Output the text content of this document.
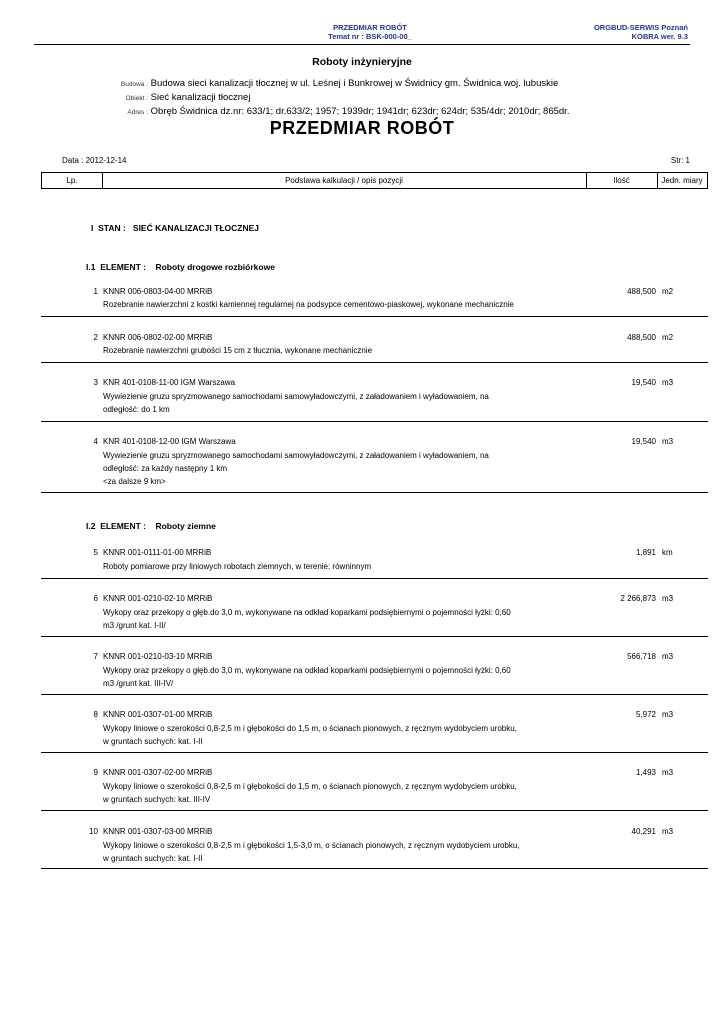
PRZEDMIAR ROBÓT
Temat nr : BSK-000-00_
ORGBUD-SERWIS Poznań
KOBRA wer. 9.3
Roboty inżynieryjne
Budowa : Budowa sieci kanalizacji tłocznej w ul. Leśnej i Bunkrowej w Świdnicy gm. Świdnica woj. lubuskie
Obiekt : Sieć kanalizacji tłocznej
Adres : Obręb Świdnica dz.nr: 633/1; dr.633/2; 1957; 1939dr; 1941dr; 623dr; 624dr; 535/4dr; 2010dr; 865dr.
PRZEDMIAR ROBÓT
Data : 2012-12-14	Str: 1
Lp.	Podstawa kalkulacji / opis pozycji	Ilość	Jedn. miary
I STAN : SIEĆ KANALIZACJI TŁOCZNEJ
I.1 ELEMENT : Roboty drogowe rozbiórkowe
1 KNNR 006-0803-04-00 MRRiB
Rozebranie nawierzchni z kostki kamiennej regularnej na podsypce cementowo-piaskowej, wykonane mechanicznie
488,500 m2
2 KNNR 006-0802-02-00 MRRiB
Rozebranie nawierzchni grubości 15 cm z tłucznia, wykonane mechanicznie
488,500 m2
3 KNR 401-0108-11-00 IGM Warszawa
Wywiezienie gruzu spryzmowanego samochodami samowyładowczymi, z załadowaniem i wyładowaniem, na
odległość: do 1 km
19,540 m3
4 KNR 401-0108-12-00 IGM Warszawa
Wywiezienie gruzu spryzmowanego samochodami samowyładowczymi, z załadowaniem i wyładowaniem, na
odległość: za każdy następny 1 km
<za dalsze 9 km>
19,540 m3
I.2 ELEMENT : Roboty ziemne
5 KNNR 001-0111-01-00 MRRiB
Roboty pomiarowe przy liniowych robotach ziemnych, w terenie: równinnym
1,891 km
6 KNNR 001-0210-02-10 MRRiB
Wykopy oraz przekopy o głęb.do 3,0 m, wykonywane na odkład koparkami podsiębiernymi o pojemności łyżki: 0,60
m3 /grunt kat. I-II/
2 266,873 m3
7 KNNR 001-0210-03-10 MRRiB
Wykopy oraz przekopy o głęb.do 3,0 m, wykonywane na odkład koparkami podsiębiernymi o pojemności łyżki: 0,60
m3 /grunt kat. III-IV/
566,718 m3
8 KNNR 001-0307-01-00 MRRiB
Wykopy liniowe o szerokości 0,8-2,5 m i głębokości do 1,5 m, o ścianach pionowych, z ręcznym wydobyciem urobku,
w gruntach suchych: kat. I-II
5,972 m3
9 KNNR 001-0307-02-00 MRRiB
Wykopy liniowe o szerokości 0,8-2,5 m i głębokości do 1,5 m, o ścianach pionowych, z ręcznym wydobyciem urobku,
w gruntach suchych: kat. III-IV
1,493 m3
10 KNNR 001-0307-03-00 MRRiB
Wykopy liniowe o szerokości 0,8-2,5 m i głębokości 1,5-3,0 m, o ścianach pionowych, z ręcznym wydobyciem urobku,
w gruntach suchych: kat. I-II
40,291 m3
